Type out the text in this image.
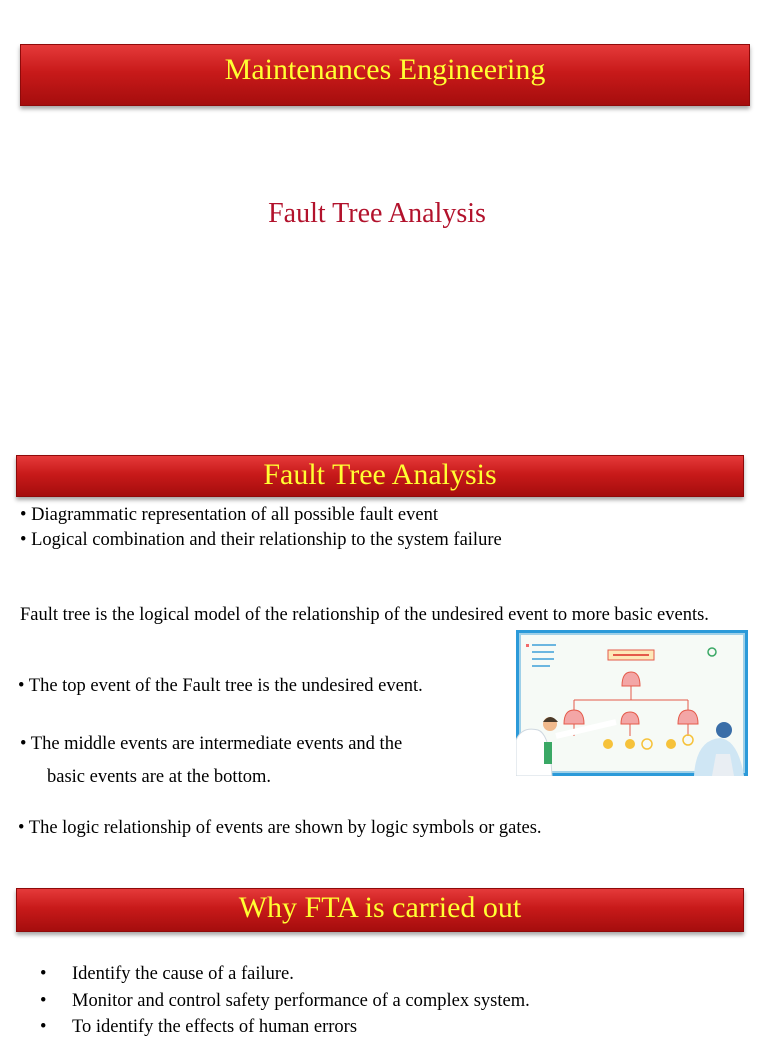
Maintenances Engineering
Fault Tree Analysis
Fault Tree Analysis
• Diagrammatic representation of all possible fault event
• Logical combination and their relationship to the system failure
Fault tree is the logical model of the relationship of the undesired event to more basic events.
• The top event of the Fault tree is the undesired event.
• The middle events are intermediate events and the
basic events are at the bottom.
• The logic relationship of events are shown by logic symbols or gates.
Why FTA is carried out
• Identify the cause of a failure.
• Monitor and control safety performance of a complex system.
• To identify the effects of human errors
